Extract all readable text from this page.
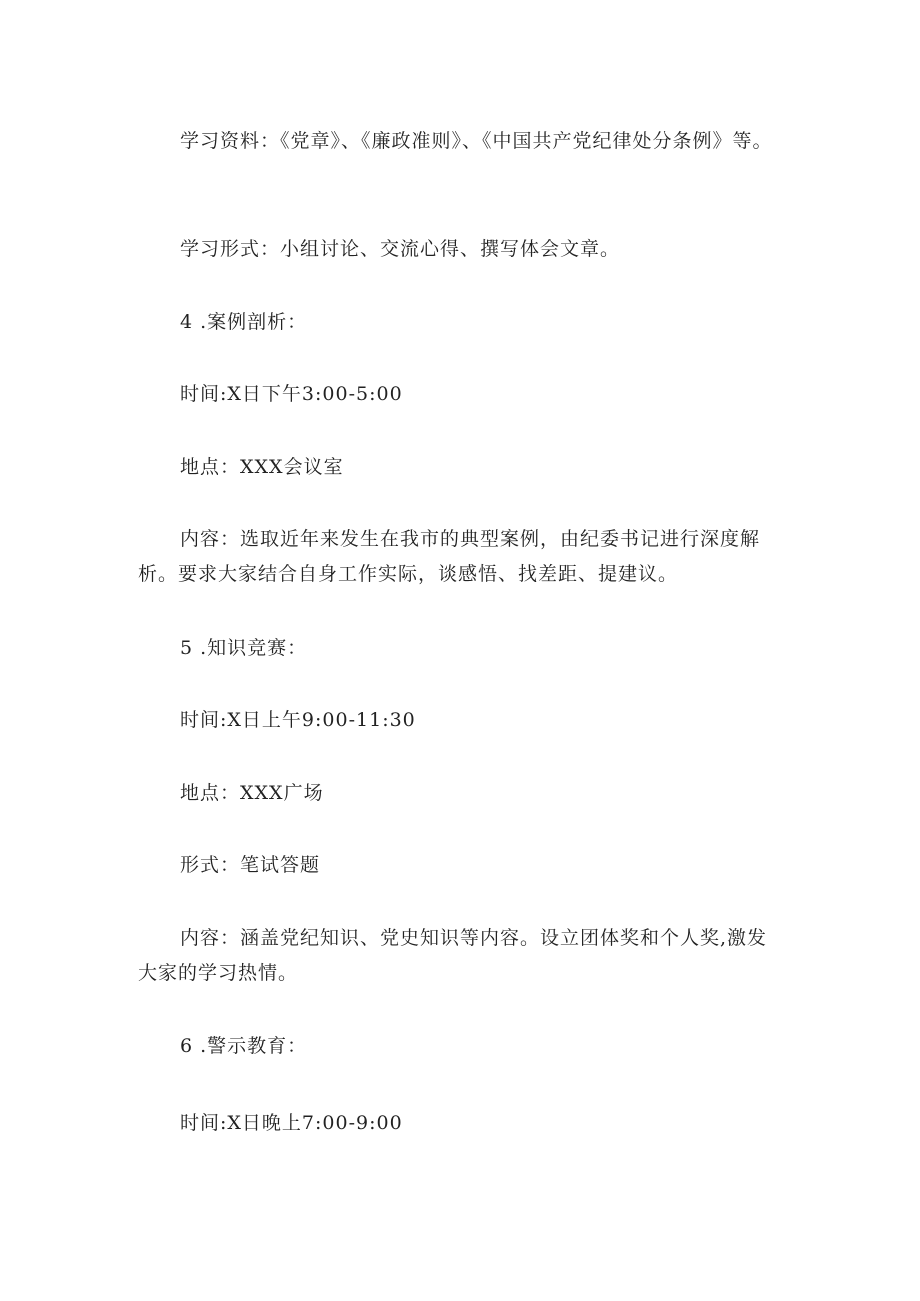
学习资料：《党章》、《廉政准则》、《中国共产党纪律处分条例》等。

学习形式：小组讨论、交流心得、撰写体会文章。

4 .案例剖析：

时间:X日下午3:00-5:00

地点：XXX会议室

内容：选取近年来发生在我市的典型案例，由纪委书记进行深度解析。要求大家结合自身工作实际，谈感悟、找差距、提建议。

5 .知识竞赛：

时间:X日上午9:00-11:30

地点：XXX广场

形式：笔试答题

内容：涵盖党纪知识、党史知识等内容。设立团体奖和个人奖,激发大家的学习热情。

6 .警示教育：

时间:X日晚上7:00-9:00
